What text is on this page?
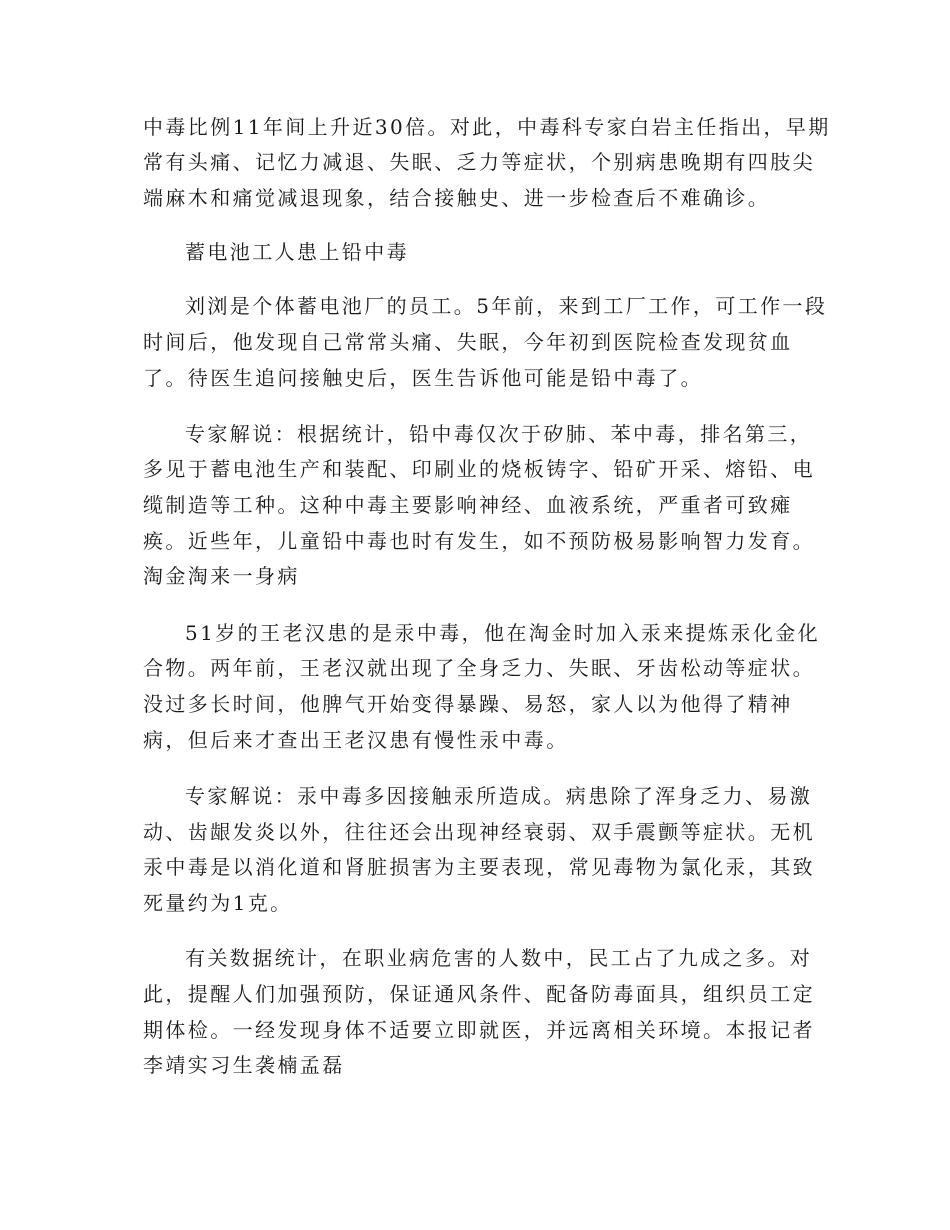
中毒比例11年间上升近30倍。对此，中毒科专家白岩主任指出，早期
常有头痛、记忆力减退、失眠、乏力等症状，个别病患晚期有四肢尖
端麻木和痛觉减退现象，结合接触史、进一步检查后不难确诊。
蓄电池工人患上铅中毒
刘浏是个体蓄电池厂的员工。5年前，来到工厂工作，可工作一段
时间后，他发现自己常常头痛、失眠，今年初到医院检查发现贫血
了。待医生追问接触史后，医生告诉他可能是铅中毒了。
专家解说：根据统计，铅中毒仅次于矽肺、苯中毒，排名第三，
多见于蓄电池生产和装配、印刷业的烧板铸字、铅矿开采、熔铅、电
缆制造等工种。这种中毒主要影响神经、血液系统，严重者可致瘫
痪。近些年，儿童铅中毒也时有发生，如不预防极易影响智力发育。
淘金淘来一身病
51岁的王老汉患的是汞中毒，他在淘金时加入汞来提炼汞化金化
合物。两年前，王老汉就出现了全身乏力、失眠、牙齿松动等症状。
没过多长时间，他脾气开始变得暴躁、易怒，家人以为他得了精神
病，但后来才查出王老汉患有慢性汞中毒。
专家解说：汞中毒多因接触汞所造成。病患除了浑身乏力、易激
动、齿龈发炎以外，往往还会出现神经衰弱、双手震颤等症状。无机
汞中毒是以消化道和肾脏损害为主要表现，常见毒物为氯化汞，其致
死量约为1克。
有关数据统计，在职业病危害的人数中，民工占了九成之多。对
此，提醒人们加强预防，保证通风条件、配备防毒面具，组织员工定
期体检。一经发现身体不适要立即就医，并远离相关环境。本报记者
李靖实习生袭楠孟磊
